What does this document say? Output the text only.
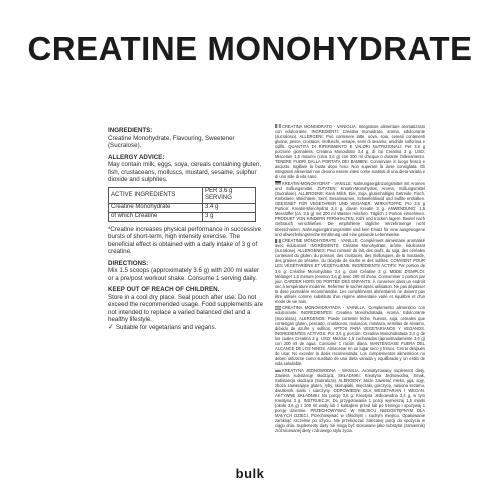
CREATINE MONOHYDRATE

INGREDIENTS:

Creatine Monohydrate, Flavouring, Sweetener (Sucralose).

ALLERGY ADVICE:

May contain milk, eggs, soya, cereals containing gluten, fish, crustaceans, molluscs, mustard, sesame, sulphur dioxide and sulphites.

ACTIVE INGREDIENTS	PER 3.6 g SERVING
Creatine Monohydrate	3.4 g
of which Creatine	3 g

*Creatine increases physical performance in successive bursts of short-term, high intensity exercise. The beneficial effect is obtained with a daily intake of 3 g of creatine.

DIRECTIONS:

Mix 1.5 scoops (approximately 3.6 g) with 200 ml water or a pre/post workout shake. Consume 1 serving daily.

KEEP OUT OF REACH OF CHILDREN.

Store in a cool dry place. Seal pouch after use. Do not exceed the recommended usage. Food supplements are not intended to replace a varied balanced diet and a healthy lifestyle.

✓ Suitable for vegetarians and vegans.

CREATINA MONOIDRATO - VANIGLIA. Integratore alimentare aromatizzato con edulcorante. INGREDIENTI: Creatina monoidrato, aroma, edulcorante (sucralosio). ALLERGENI: Può contenere latte, uova, soia, cereali contenenti glutine, pesce, crostacei, molluschi, senape, semi di sesamo, anidride solforosa e solfiti. QUANTITÀ DI RIFERIMENTO E VALORI NUTRIZIONALI: Per 3,6 g porzione giornaliera: Creatina Monoidrato 3,4 g, di cui Creatina 3 g. USO: Miscelare 1,5 misurini (circa 3,6 g) con 200 ml d'acqua o durante l'allenamento. TENERE FUORI DALLA PORTATA DEI BAMBINI. Conservare in luogo fresco e asciutto. Sigillare la busta dopo l'uso. Non superare la dose consigliata. Gli integratori alimentari non devono essere intesi come sostituti di una dieta variata e di uno stile di vita sano.

KREATIN-MONOHYDRAT - VANILLE. Nahrungsergänzungsmittel mit Aromen und Süßungsmittel. ZUTATEN: Kreatin-Monohydrat, Aroma, Süßungsmittel (Sucralose). ALLERGENE: Kann Milch, Eier, Soja, glutenhaltiges Getreide, Fisch, Krebstiere, Weichtiere, Senf, Sesamsamen, Schwefeldioxid und Sulfite enthalten. GEEIGNET FÜR VEGETARIER UND VEGANER. WIRKSTOFFE: Pro 3,6 g Portion: Kreatin-Monohydrat 3,4 g, davon Kreatin 3 g. ANWENDUNG: 1,5 Messlöffel (ca. 3,6 g) mit 200 ml Wasser mischen. Täglich 1 Portion einnehmen. PRODUKT VON KINDERN FERNHALTEN. Kühl und trocken lagern. Beutel nach Gebrauch verschließen. Die empfohlene tägliche Verzehrmenge nicht überschreiten. Nahrungsergänzungsmittel sind kein Ersatz für eine ausgewogene und abwechslungsreiche Ernährung und eine gesunde Lebensweise.

CRÉATINE MONOHYDRATE - VANILLE. Complément alimentaire aromatisé avec édulcorant. INGRÉDIENTS: Créatine Monohydrate, arôme, édulcorant (sucralose). ALLERGÈNES: Peut contenir du lait, des œufs, du soja, des céréales contenant du gluten, du poisson, des crustacés, des mollusques, de la moutarde, des graines de sésame, du dioxyde de soufre et des sulfites. CONVIENT POUR LES VÉGÉTARIENS ET VÉGÉTALIENS. INGRÉDIENTS ACTIFS: Par portion de 3,6 g: Créatine Monohydrate 3,4 g, dont Créatine 3 g. MODE D'EMPLOI: Mélanger 1,5 mesure (environ 3,6 g) avec 200 ml d'eau. Consommer 1 portion par jour. GARDER HORS DE PORTÉE DES ENFANTS. À conserver dans un endroit sec à température modérée. Refermer le sachet après utilisation. Ne pas dépasser la dose journalière recommandée. Les compléments alimentaires ne doivent pas être utilisés comme substituts d'un régime alimentaire varié et équilibré et d'un mode de vie sain.

CREATINA MONOHIDRATADA - VAINILLA. Complemento alimenticio con edulcorante. INGREDIENTES: Creatina Monohidratada, Aroma, Edulcorante (Sucralosa). ALERGENOS: Puede contener leche, huevos, soja, cereales que contengan gluten, pescado, crustáceos, moluscos, mostaza, semillas de sésamo, dióxido de azufre y sulfitos. APTOS PARA VEGETARIANOS Y VEGANOS. INGREDIENTES ACTIVOS: Por 3,6 g porción: Creatina Monohidratada 3,4 g de los cuales Creatina 3 g. USO: Mezclar 1,5 cucharadas (aproximadamente 3,6 g) con 200 ml de agua. Consumir 1 ración diaria. MANTÉNGASE FUERA DEL ALCANCE DE LOS NIÑOS. Almacenar en un lugar seco y fresco. Cerrar después de usar. No exceder la dosis recomendada. Los complementos alimenticios no deben utilizarse como sustituto de una dieta variada y equilibrada y un estilo de vida saludable.

KREATYNA JEDNOWODNA - WANILIA. Aromatyzowany suplement diety. Zawiera substancję słodzącą. SKŁADNIKI: Kreatyna Jednowodna, Smak, Substancja słodząca (Sukraloza). ALERGENY: Może zawierać mleko, jaja, soję, zboża zawierające gluten, ryby, skorupiaki, mięczaki, gorczycę, nasiona sezamu, dwutlenek siarki i siarczyny. ODPOWIEDNI DLA WEGETARIAN I WEGAN. AKTYWNE SKŁADNIKI: Na porcję 3,6 g: Kreatyna Jednowodna 3,4 g, w tym Kreatyna 3 g. INSTRUKCJA: Do przygotowania 1 porcji wymieszaj 1,5 miarki (około 3,6 g) z 200 ml wody lub z koktajlem przed lub po treningu i spożywaj 1 porcję dziennie. PRZECHOWYWAĆ W MIEJSCU NIEDOSTĘPNYM DLA MAŁYCH DZIECI. Przechowywać w chłodnym i suchym miejscu. Opakowanie zamknąć szczelnie po użyciu. Nie przekraczać zalecanej porcji do spożycia w ciągu dnia. Suplementy diety nie mogą być stosowane jako substytut (zamiennik) zróżnicowanej diety i zdrowego stylu życia.

bulk
